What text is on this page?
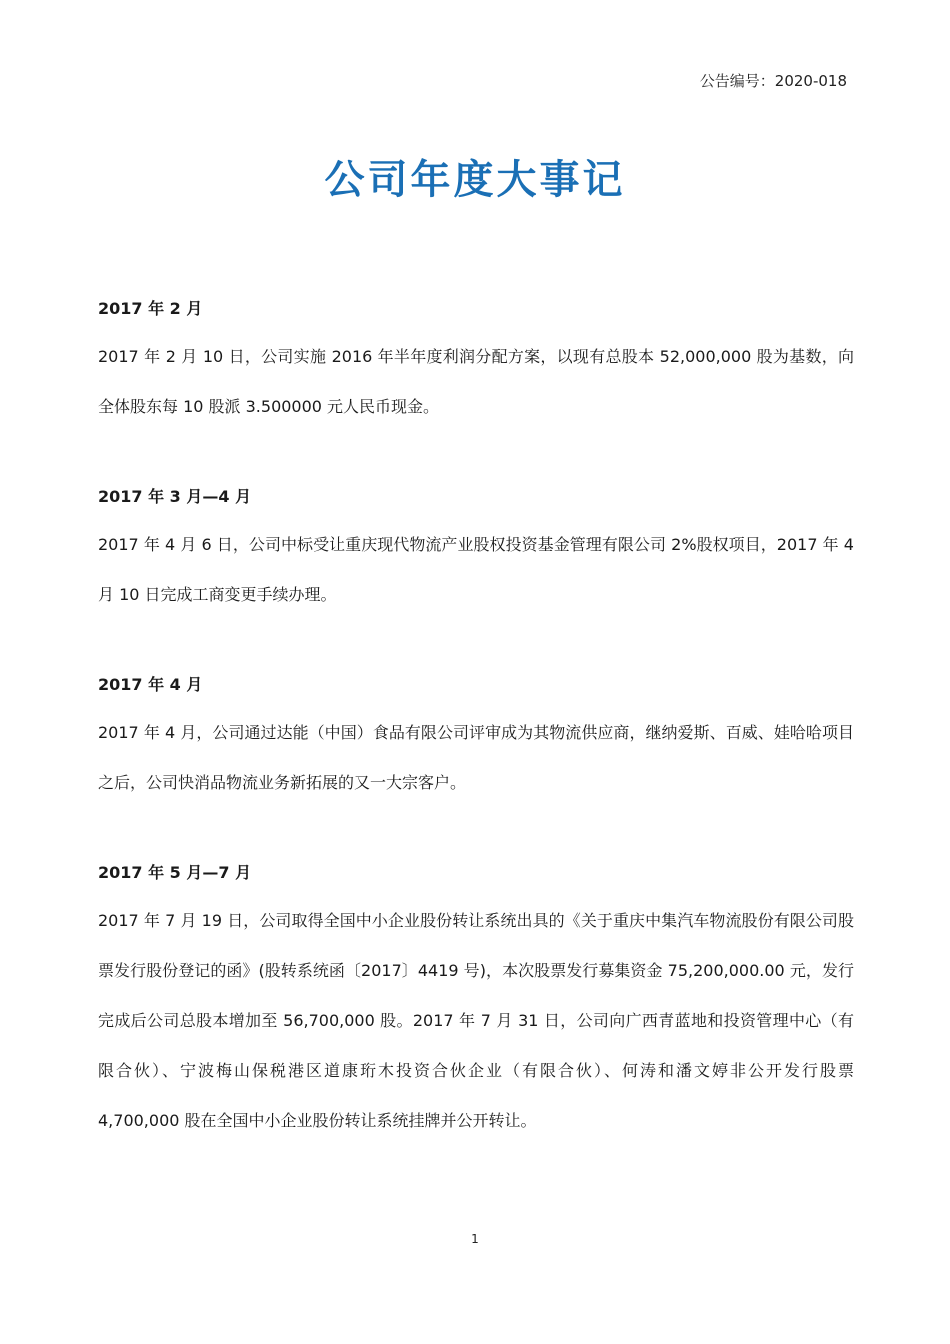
公告编号：2020-018
公司年度大事记

2017 年 2 月

2017 年 2 月 10 日，公司实施 2016 年半年度利润分配方案，以现有总股本 52,000,000 股为基数，向全体股东每 10 股派 3.500000 元人民币现金。

2017 年 3 月—4 月

2017 年 4 月 6 日，公司中标受让重庆现代物流产业股权投资基金管理有限公司 2%股权项目，2017 年 4 月 10 日完成工商变更手续办理。

2017 年 4 月

2017 年 4 月，公司通过达能（中国）食品有限公司评审成为其物流供应商，继纳爱斯、百威、娃哈哈项目之后，公司快消品物流业务新拓展的又一大宗客户。

2017 年 5 月—7 月

2017 年 7 月 19 日，公司取得全国中小企业股份转让系统出具的《关于重庆中集汽车物流股份有限公司股票发行股份登记的函》(股转系统函〔2017〕4419 号)，本次股票发行募集资金 75,200,000.00 元，发行完成后公司总股本增加至 56,700,000 股。2017 年 7 月 31 日，公司向广西青蓝地和投资管理中心（有限合伙）、宁波梅山保税港区道康珩木投资合伙企业（有限合伙）、何涛和潘文婷非公开发行股票 4,700,000 股在全国中小企业股份转让系统挂牌并公开转让。

1
